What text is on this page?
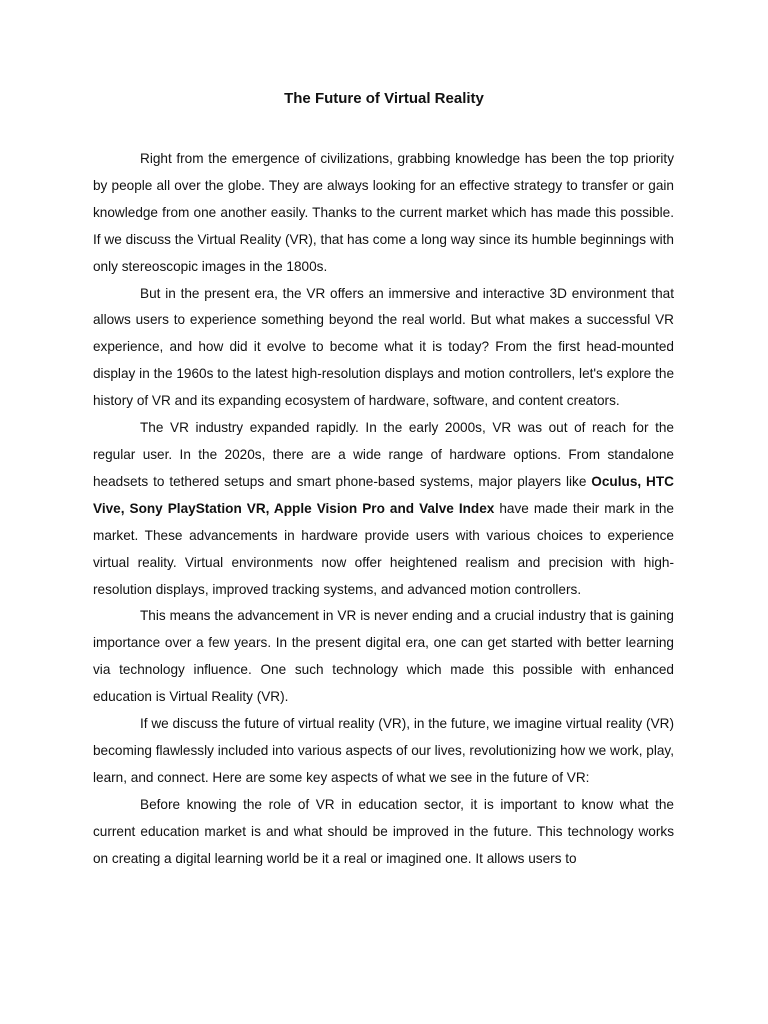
The Future of Virtual Reality

Right from the emergence of civilizations, grabbing knowledge has been the top priority by people all over the globe. They are always looking for an effective strategy to transfer or gain knowledge from one another easily. Thanks to the current market which has made this possible. If we discuss the Virtual Reality (VR), that has come a long way since its humble beginnings with only stereoscopic images in the 1800s.

But in the present era, the VR offers an immersive and interactive 3D environment that allows users to experience something beyond the real world. But what makes a successful VR experience, and how did it evolve to become what it is today? From the first head-mounted display in the 1960s to the latest high-resolution displays and motion controllers, let's explore the history of VR and its expanding ecosystem of hardware, software, and content creators.

The VR industry expanded rapidly. In the early 2000s, VR was out of reach for the regular user. In the 2020s, there are a wide range of hardware options. From standalone headsets to tethered setups and smart phone-based systems, major players like Oculus, HTC Vive, Sony PlayStation VR, Apple Vision Pro and Valve Index have made their mark in the market. These advancements in hardware provide users with various choices to experience virtual reality. Virtual environments now offer heightened realism and precision with high-resolution displays, improved tracking systems, and advanced motion controllers.

This means the advancement in VR is never ending and a crucial industry that is gaining importance over a few years. In the present digital era, one can get started with better learning via technology influence. One such technology which made this possible with enhanced education is Virtual Reality (VR).

If we discuss the future of virtual reality (VR), in the future, we imagine virtual reality (VR) becoming flawlessly included into various aspects of our lives, revolutionizing how we work, play, learn, and connect. Here are some key aspects of what we see in the future of VR:

Before knowing the role of VR in education sector, it is important to know what the current education market is and what should be improved in the future. This technology works on creating a digital learning world be it a real or imagined one. It allows users to
